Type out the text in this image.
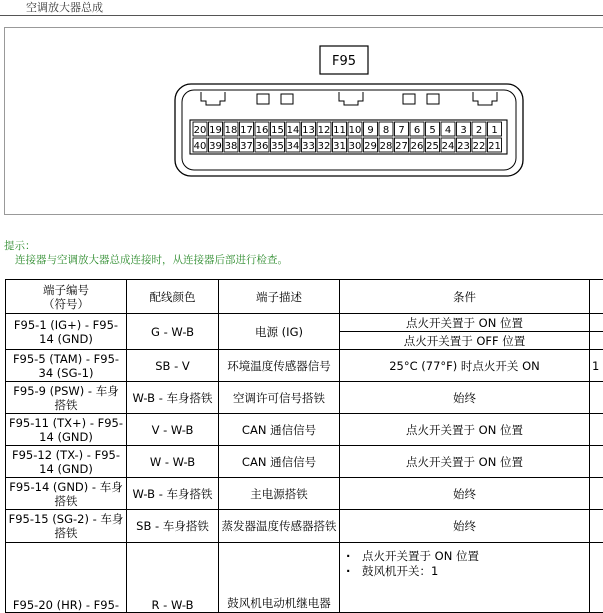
空调放大器总成
F95
20 19 18 17 16 15 14 13 12 11 10 9 8 7 6 5 4 3 2 1
40 39 38 37 36 35 34 33 32 31 30 29 28 27 26 25 24 23 22 21
提示：
连接器与空调放大器总成连接时，从连接器后部进行检查。
端子编号
（符号）	配线颜色	端子描述	条件	
F95-1 (IG+) - F95-14 (GND)	G - W-B	电源 (IG)	点火开关置于 ON 位置	
			点火开关置于 OFF 位置	
F95-5 (TAM) - F95-34 (SG-1)	SB - V	环境温度传感器信号	25°C (77°F) 时点火开关 ON	1
F95-9 (PSW) - 车身搭铁	W-B - 车身搭铁	空调许可信号搭铁	始终	
F95-11 (TX+) - F95-14 (GND)	V - W-B	CAN 通信信号	点火开关置于 ON 位置	
F95-12 (TX-) - F95-14 (GND)	W - W-B	CAN 通信信号	点火开关置于 ON 位置	
F95-14 (GND) - 车身搭铁	W-B - 车身搭铁	主电源搭铁	始终	
F95-15 (SG-2) - 车身搭铁	SB - 车身搭铁	蒸发器温度传感器搭铁	始终	
F95-20 (HR) - F95-	R - W-B	鼓风机电动机继电器	· 点火开关置于 ON 位置
· 鼓风机开关：1
